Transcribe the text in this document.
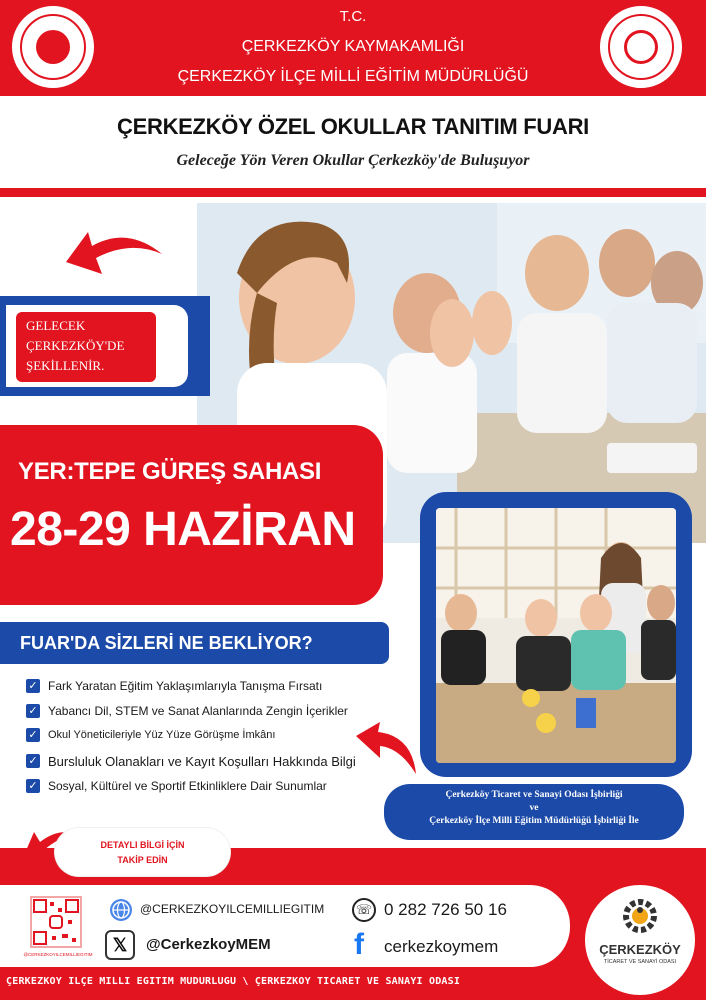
T.C.
ÇERKEZKÖY KAYMAKAMLIĞI
ÇERKEZKÖY İLÇE MİLLİ EĞİTİM MÜDÜRLÜĞÜ
ÇERKEZKÖY ÖZEL OKULLAR TANITIM FUARI
Geleceğe Yön Veren Okullar Çerkezköy'de Buluşuyor
GELECEK
ÇERKEZKÖY'DE
ŞEKİLLENİR.
YER:TEPE GÜREŞ SAHASI
28-29 HAZİRAN
FUAR'DA SİZLERİ NE BEKLİYOR?
✓ Fark Yaratan Eğitim Yaklaşımlarıyla Tanışma Fırsatı
✓ Yabancı Dil, STEM ve Sanat Alanlarında Zengin İçerikler
✓ Okul Yöneticileriyle Yüz Yüze Görüşme İmkânı
✓ Bursluluk Olanakları ve Kayıt Koşulları Hakkında Bilgi
✓ Sosyal, Kültürel ve Sportif Etkinliklere Dair Sunumlar
Çerkezköy Ticaret ve Sanayi Odası İşbirliği
ve
Çerkezköy İlçe Milli Eğitim Müdürlüğü İşbirliği İle
DETAYLI BİLGİ İÇİN
TAKİP EDİN
@CERKEZKOYILCEMILLIEGITIM
@CERKEZKOYILCEMILLIEGITIM
𝕏	@CerkezkoyMEM
☏ 0 282 726 50 16
f	cerkezkoymem	ÇERKEZKÖY
TİCARET VE SANAYİ ODASI
ÇERKEZKÖY İLÇE MİLLİ EĞİTİM MÜDÜRLÜĞÜ \ ÇERKEZKÖY TİCARET VE SANAYİ ODASI
